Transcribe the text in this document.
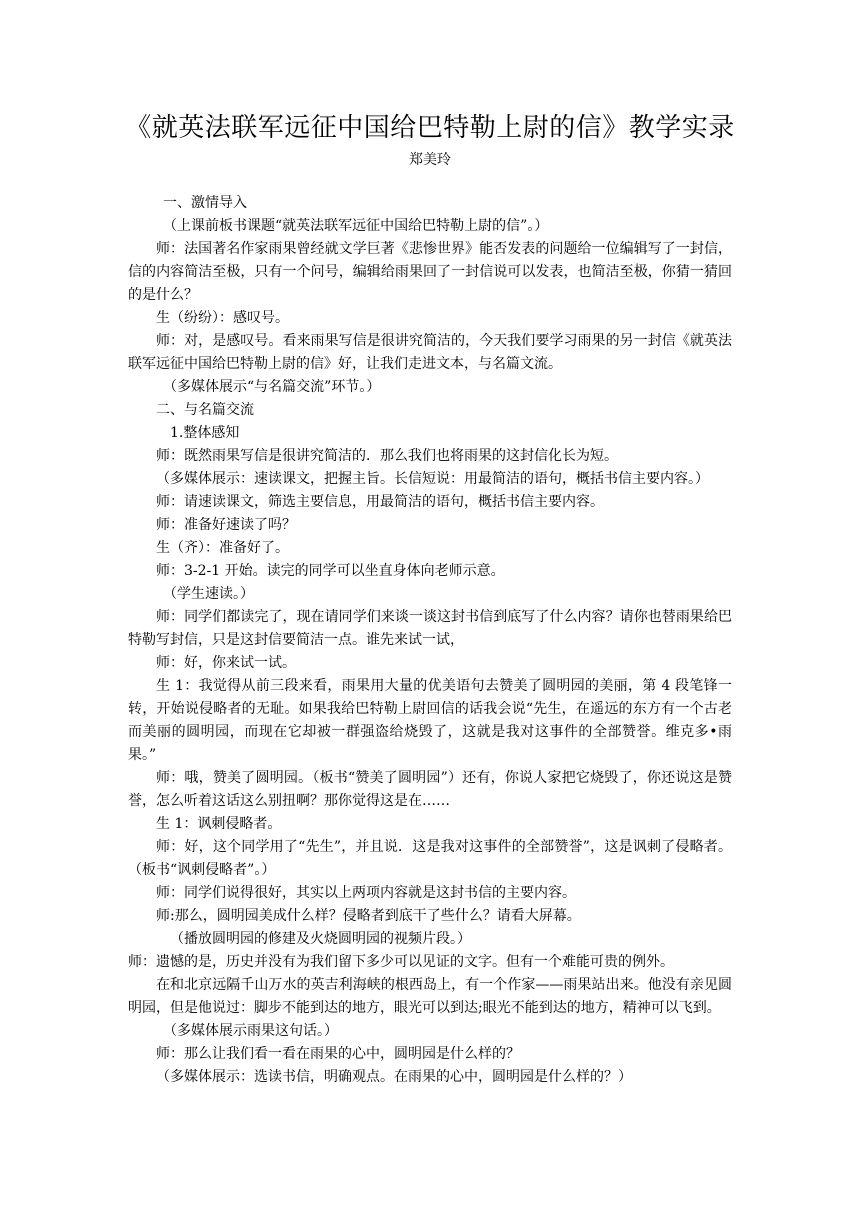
《就英法联军远征中国给巴特勒上尉的信》教学实录
郑美玲

一、激情导入

（上课前板书课题“就英法联军远征中国给巴特勒上尉的信”。）

师：法国著名作家雨果曾经就文学巨著《悲惨世界》能否发表的问题给一位编辑写了一封信，信的内容简洁至极，只有一个问号，编辑给雨果回了一封信说可以发表，也简洁至极，你猜一猜回的是什么？

生（纷纷）：感叹号。

师：对，是感叹号。看来雨果写信是很讲究简洁的，今天我们要学习雨果的另一封信《就英法联军远征中国给巴特勒上尉的信》好，让我们走进文本，与名篇文流。

（多媒体展示“与名篇交流”环节。）

二、与名篇交流

1.整体感知

师：既然雨果写信是很讲究简洁的．那么我们也将雨果的这封信化长为短。

（多媒体展示：速读课文，把握主旨。长信短说：用最简洁的语句，概括书信主要内容。）

师：请速读课文，筛选主要信息，用最简洁的语句，概括书信主要内容。

师：准备好速读了吗？

生（齐）：准备好了。

师：3-2-1 开始。读完的同学可以坐直身体向老师示意。

（学生速读。）

师：同学们都读完了，现在请同学们来谈一谈这封书信到底写了什么内容？请你也替雨果给巴特勒写封信，只是这封信要简洁一点。谁先来试一试，

师：好，你来试一试。

生 1：我觉得从前三段来看，雨果用大量的优美语句去赞美了圆明园的美丽，第 4 段笔锋一转，开始说侵略者的无耻。如果我给巴特勒上尉回信的话我会说“先生，在遥远的东方有一个古老而美丽的圆明园，而现在它却被一群强盗给烧毁了，这就是我对这事件的全部赞誉。维克多•雨果。”

师：哦，赞美了圆明园。（板书“赞美了圆明园”）还有，你说人家把它烧毁了，你还说这是赞誉，怎么听着这话这么别扭啊？那你觉得这是在……

生 1：讽刺侵略者。

师：好，这个同学用了“先生”，并且说．这是我对这事件的全部赞誉”，这是讽刺了侵略者。（板书“讽刺侵略者”。）

师：同学们说得很好，其实以上两项内容就是这封书信的主要内容。

师:那么，圆明园美成什么样？侵略者到底干了些什么？请看大屏幕。

（播放圆明园的修建及火烧圆明园的视频片段。）

师：遗憾的是，历史并没有为我们留下多少可以见证的文字。但有一个难能可贵的例外。

在和北京远隔千山万水的英吉利海峡的根西岛上，有一个作家——雨果站出来。他没有亲见圆明园，但是他说过：脚步不能到达的地方，眼光可以到达;眼光不能到达的地方，精神可以飞到。

（多媒体展示雨果这句话。）

师：那么让我们看一看在雨果的心中，圆明园是什么样的？

（多媒体展示：选读书信，明确观点。在雨果的心中，圆明园是什么样的？）
